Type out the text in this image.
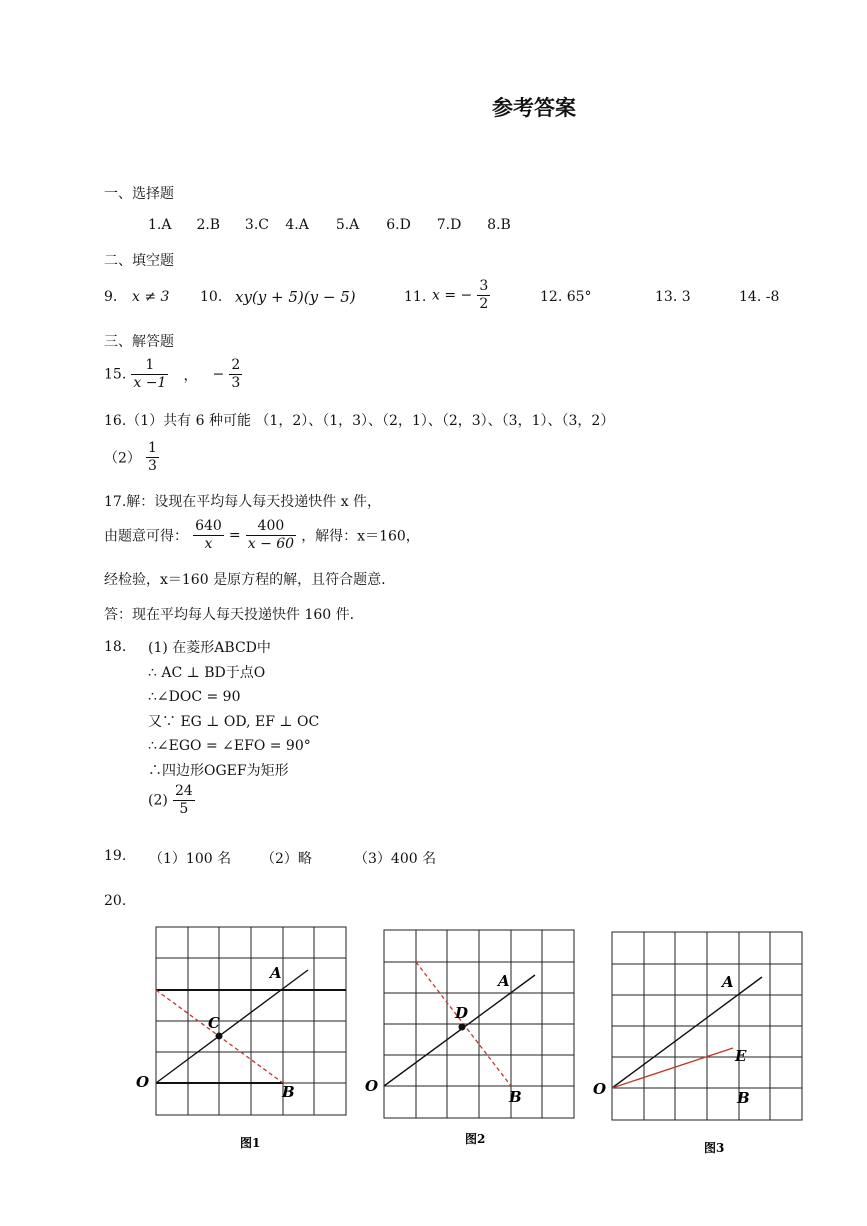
参考答案
一、选择题
1.A 2.B 3.C 4.A 5.A 6.D 7.D 8.B
二、填空题
9. x ≠ 3 10. xy(y + 5)(y − 5)	11. x = − $\frac{3}{2}$	12. 65°	13. 3	14. -8
三、解答题
15. $\frac{1}{x -1}$ ， − $\frac{2}{3}$
16.（1）共有 6 种可能 （1，2）、（1，3）、（2，1）、（2，3）、（3，1）、（3，2）
$(2) \frac{1}{3}$
17.解：设现在平均每人每天投递快件 x 件，
由题意可得： $\frac{640}{x} = \frac{400}{x - 60}$ ，解得：x＝160，
经检验，x＝160 是原方程的解，且符合题意.
答：现在平均每人每天投递快件 160 件.
18. (1) 在菱形ABCD中
∴ AC ⊥ BD于点O
∴∠DOC = 90
又∵ EG ⊥ OD, EF ⊥ OC
∴∠EGO = ∠EFO = 90°
∴四边形OGEF为矩形
$(2) \frac{24}{5}$
19. （1）100 名 （2）略	（3）400 名
20.
A
C
O
B
图1
A
D
O
B
图2
A
E
O	B
图3
